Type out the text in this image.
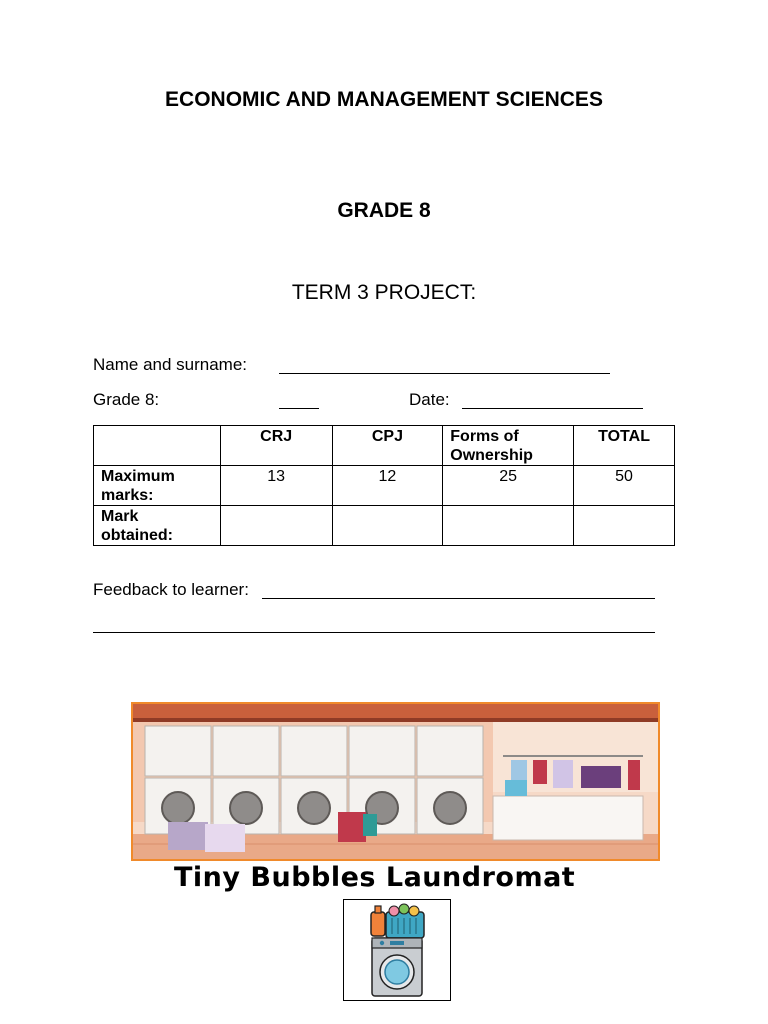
ECONOMIC AND MANAGEMENT SCIENCES
GRADE 8
TERM 3 PROJECT:
Name and surname:
Grade 8:	Date:
	CRJ	CPJ	Forms of Ownership	TOTAL
Maximum marks:	13	12	25	50
Mark obtained:				
Feedback to learner:
Tiny Bubbles Laundromat
